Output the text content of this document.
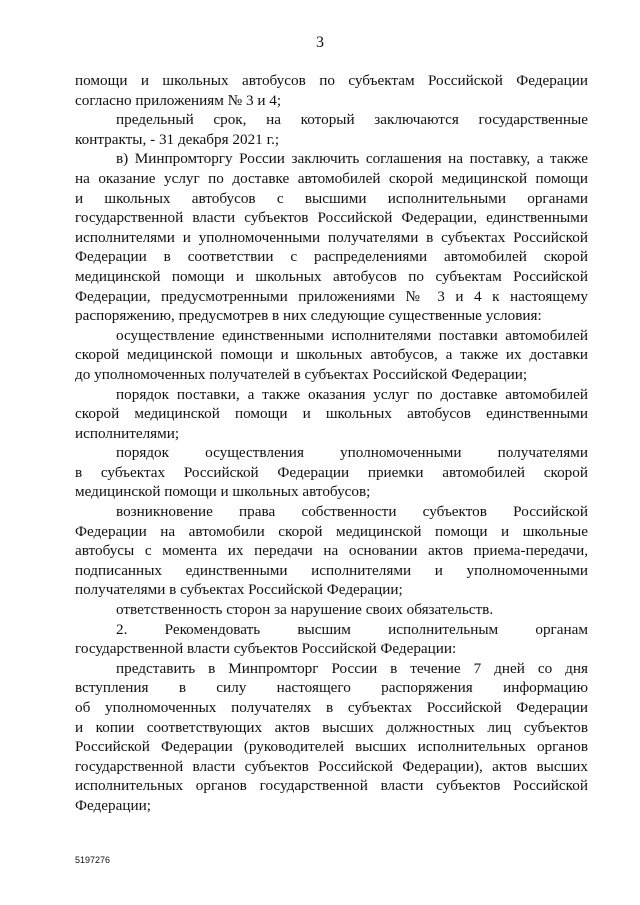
3
помощи и школьных автобусов по субъектам Российской Федерации
согласно приложениям № 3 и 4;
предельный срок, на который заключаются государственные
контракты, - 31 декабря 2021 г.;
в) Минпромторгу России заключить соглашения на поставку, а также
на оказание услуг по доставке автомобилей скорой медицинской помощи
и школьных автобусов с высшими исполнительными органами
государственной власти субъектов Российской Федерации, единственными
исполнителями и уполномоченными получателями в субъектах Российской
Федерации в соответствии с распределениями автомобилей скорой
медицинской помощи и школьных автобусов по субъектам Российской
Федерации, предусмотренными приложениями № 3 и 4 к настоящему
распоряжению, предусмотрев в них следующие существенные условия:
осуществление единственными исполнителями поставки автомобилей
скорой медицинской помощи и школьных автобусов, а также их доставки
до уполномоченных получателей в субъектах Российской Федерации;
порядок поставки, а также оказания услуг по доставке автомобилей
скорой медицинской помощи и школьных автобусов единственными
исполнителями;
порядок осуществления уполномоченными получателями
в субъектах Российской Федерации приемки автомобилей скорой
медицинской помощи и школьных автобусов;
возникновение права собственности субъектов Российской
Федерации на автомобили скорой медицинской помощи и школьные
автобусы с момента их передачи на основании актов приема-передачи,
подписанных единственными исполнителями и уполномоченными
получателями в субъектах Российской Федерации;
ответственность сторон за нарушение своих обязательств.
2. Рекомендовать высшим исполнительным органам
государственной власти субъектов Российской Федерации:
представить в Минпромторг России в течение 7 дней со дня
вступления в силу настоящего распоряжения информацию
об уполномоченных получателях в субъектах Российской Федерации
и копии соответствующих актов высших должностных лиц субъектов
Российской Федерации (руководителей высших исполнительных органов
государственной власти субъектов Российской Федерации), актов высших
исполнительных органов государственной власти субъектов Российской
Федерации;
5197276
